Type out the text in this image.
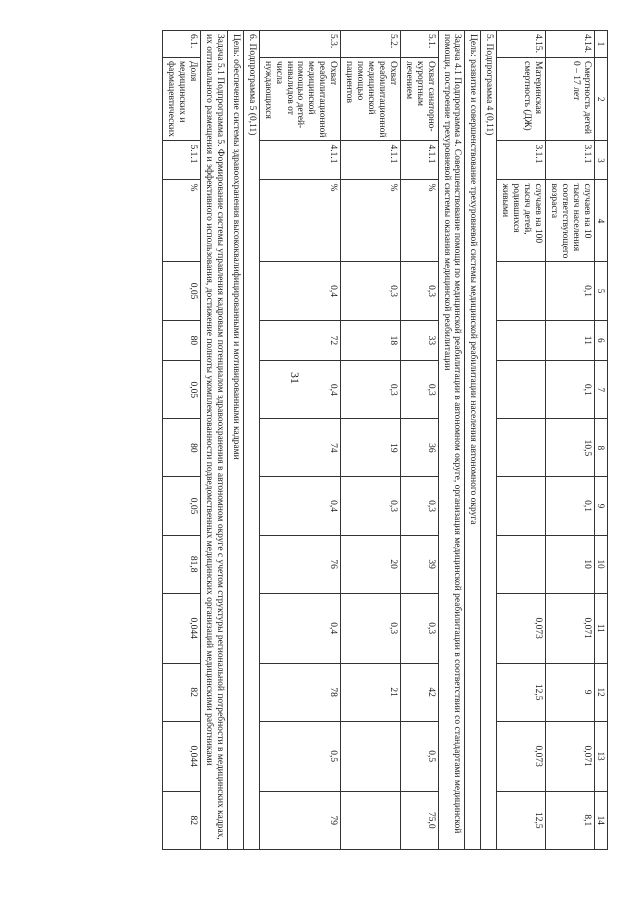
31
1	2	3	4	5	6	7	8	9	10	11	12	13	14
4.14.	Смертность детей 0 – 17 лет	3.1.1	случаев на 10 тысяч населения соответствующего возраста	0,1	11	0,1	10,5	0,1	10	0,071	9	0,071	8,1
4.15.	Материнская смертность (ДЖ)	3.1.1	случаев на 100 тысяч детей, родившихся живыми							0,073	12,5	0,073	12,5
5. Подпрограмма 4 (0,11)													
Цель: развитие и совершенствование трехуровневой системы медицинской реабилитации населения автономного округа													
Задача 4.1 Подпрограмма 4. Совершенствование помощи по медицинской реабилитации в автономном округе, организация медицинской реабилитации в соответствии со стандартами медицинской помощи, построение трехуровневой системы оказания медицинской реабилитации													
5.1.	Охват санаторно-курортным лечением	4.1.1	%	0,3	33	0,3	36	0,3	39	0,3	42	0,5	75,0
5.2.	Охват реабилитационной медицинской помощью пациентов	4.1.1	%	0,3	18	0,3	19	0,3	20	0,3	21		
5.3.	Охват реабилитационной медицинской помощью детей-инвалидов от числа нуждающихся	4.1.1	%	0,4	72	0,4	74	0,4	76	0,4	78	0,5	79
6. Подпрограмма 5 (0,11)													
Цель: обеспечение системы здравоохранения высококвалифицированными и мотивированными кадрами													
Задача 5.1 Подпрограмма 5. Формирование системы управления кадровым потенциалом здравоохранения в автономном округе с учетом структуры региональной потребности в медицинских кадрах, их оптимального размещения и эффективного использования, достижение полноты укомплектованности подведомственных медицинских организаций медицинскими работниками													
6.1.	Доля медицинских и фармацевтических	5.1.1	%	0,05	80	0,05	80	0,05	81,8	0,044	82	0,044	82
